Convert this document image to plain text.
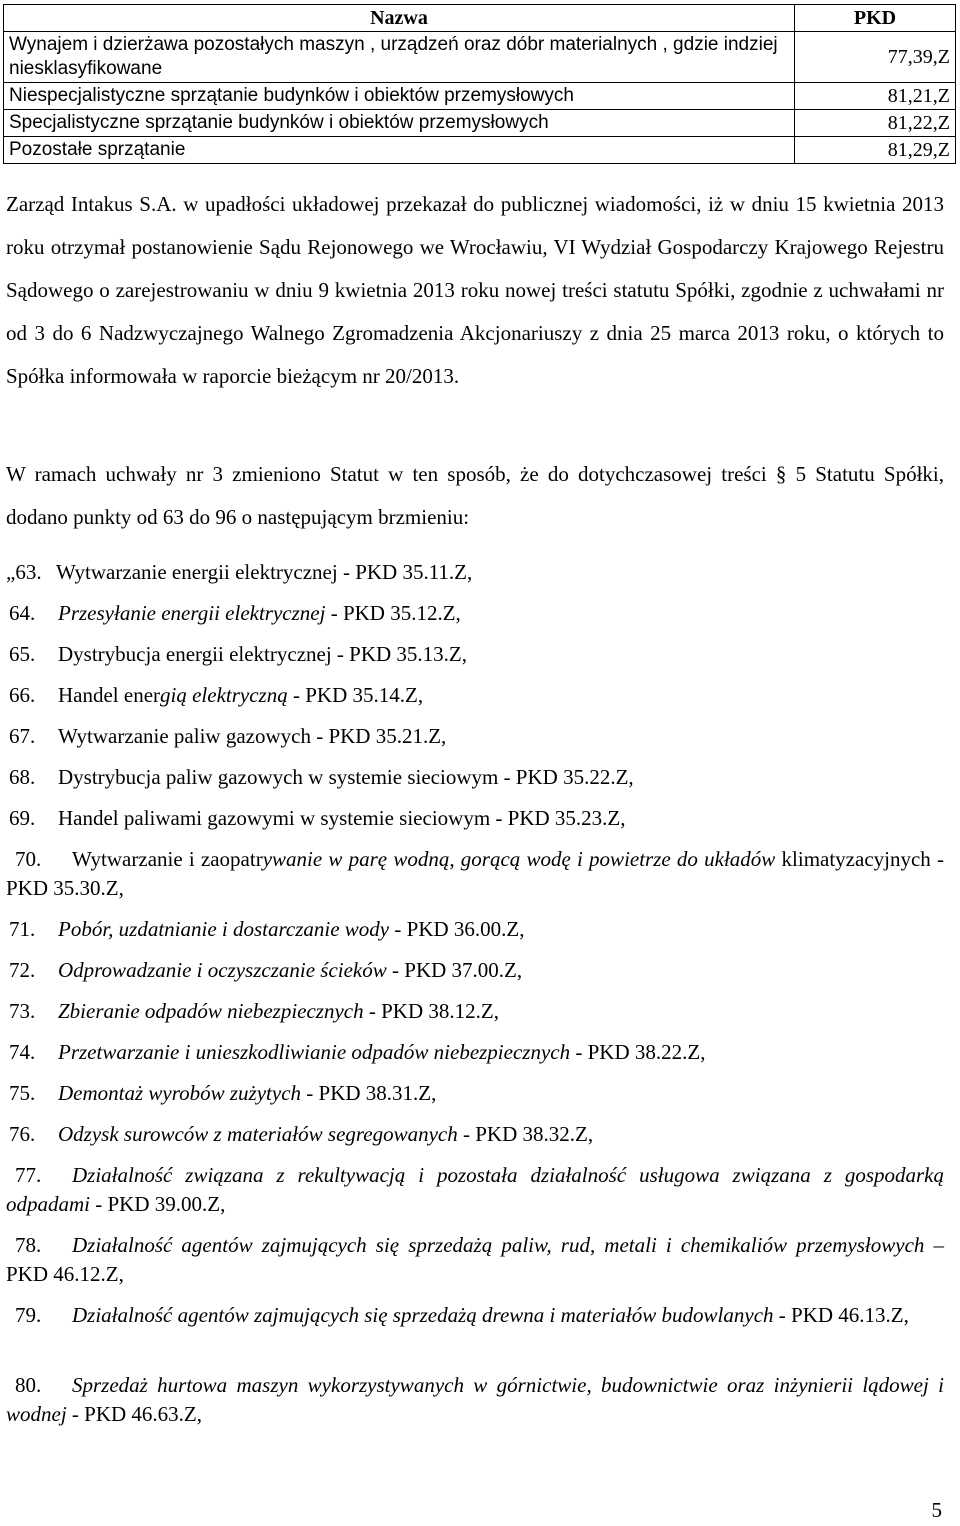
Nazwa	PKD
Wynajem i dzierżawa pozostałych maszyn , urządzeń oraz dóbr materialnych , gdzie indziej niesklasyfikowane	77,39,Z
Niespecjalistyczne sprzątanie budynków i obiektów przemysłowych	81,21,Z
Specjalistyczne sprzątanie budynków i obiektów przemysłowych	81,22,Z
Pozostałe sprzątanie	81,29,Z
Zarząd Intakus S.A. w upadłości układowej przekazał do publicznej wiadomości, iż w dniu 15 kwietnia 2013 roku otrzymał postanowienie Sądu Rejonowego we Wrocławiu, VI Wydział Gospodarczy Krajowego Rejestru Sądowego o zarejestrowaniu w dniu 9 kwietnia 2013 roku nowej treści statutu Spółki, zgodnie z uchwałami nr od 3 do 6 Nadzwyczajnego Walnego Zgromadzenia Akcjonariuszy z dnia 25 marca 2013 roku, o których to Spółka informowała w raporcie bieżącym nr 20/2013.
W ramach uchwały nr 3 zmieniono Statut w ten sposób, że do dotychczasowej treści § 5 Statutu Spółki, dodano punkty od 63 do 96 o następującym brzmieniu:
„63. Wytwarzanie energii elektrycznej - PKD 35.11.Z,
64. Przesyłanie energii elektrycznej - PKD 35.12.Z,
65. Dystrybucja energii elektrycznej - PKD 35.13.Z,
66. Handel energią elektryczną - PKD 35.14.Z,
67. Wytwarzanie paliw gazowych - PKD 35.21.Z,
68. Dystrybucja paliw gazowych w systemie sieciowym - PKD 35.22.Z,
69. Handel paliwami gazowymi w systemie sieciowym - PKD 35.23.Z,
70. Wytwarzanie i zaopatrywanie w parę wodną, gorącą wodę i powietrze do układów klimatyzacyjnych - PKD 35.30.Z,
71. Pobór, uzdatnianie i dostarczanie wody - PKD 36.00.Z,
72. Odprowadzanie i oczyszczanie ścieków - PKD 37.00.Z,
73. Zbieranie odpadów niebezpiecznych - PKD 38.12.Z,
74. Przetwarzanie i unieszkodliwianie odpadów niebezpiecznych - PKD 38.22.Z,
75. Demontaż wyrobów zużytych - PKD 38.31.Z,
76. Odzysk surowców z materiałów segregowanych - PKD 38.32.Z,
77. Działalność związana z rekultywacją i pozostała działalność usługowa związana z gospodarką odpadami - PKD 39.00.Z,
78. Działalność agentów zajmujących się sprzedażą paliw, rud, metali i chemikaliów przemysłowych – PKD 46.12.Z,
79. Działalność agentów zajmujących się sprzedażą drewna i materiałów budowlanych - PKD 46.13.Z,
80. Sprzedaż hurtowa maszyn wykorzystywanych w górnictwie, budownictwie oraz inżynierii lądowej i wodnej - PKD 46.63.Z,
5
